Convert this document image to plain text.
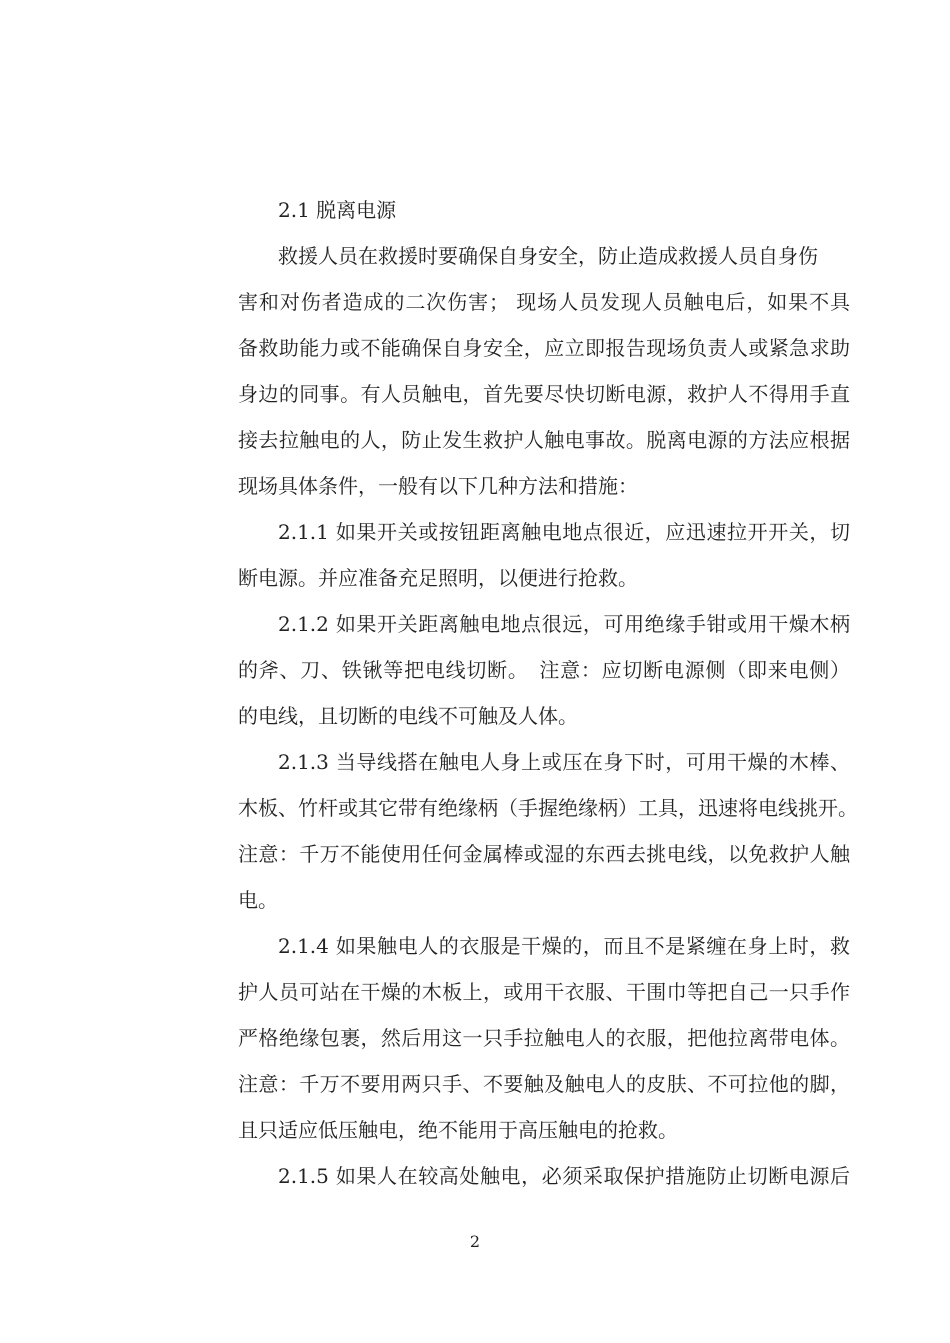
2.1 脱离电源
救援人员在救援时要确保自身安全，防止造成救援人员自身伤
害和对伤者造成的二次伤害； 现场人员发现人员触电后，如果不具
备救助能力或不能确保自身安全，应立即报告现场负责人或紧急求助
身边的同事。有人员触电，首先要尽快切断电源，救护人不得用手直
接去拉触电的人，防止发生救护人触电事故。脱离电源的方法应根据
现场具体条件，一般有以下几种方法和措施：
2.1.1 如果开关或按钮距离触电地点很近，应迅速拉开开关，切
断电源。并应准备充足照明，以便进行抢救。
2.1.2 如果开关距离触电地点很远，可用绝缘手钳或用干燥木柄
的斧、刀、铁锹等把电线切断。　注意：应切断电源侧（即来电侧）
的电线，且切断的电线不可触及人体。
2.1.3 当导线搭在触电人身上或压在身下时，可用干燥的木棒、
木板、竹杆或其它带有绝缘柄（手握绝缘柄）工具，迅速将电线挑开。
注意：千万不能使用任何金属棒或湿的东西去挑电线，以免救护人触
电。
2.1.4 如果触电人的衣服是干燥的，而且不是紧缠在身上时，救
护人员可站在干燥的木板上，或用干衣服、干围巾等把自己一只手作
严格绝缘包裹，然后用这一只手拉触电人的衣服，把他拉离带电体。
注意：千万不要用两只手、不要触及触电人的皮肤、不可拉他的脚，
且只适应低压触电，绝不能用于高压触电的抢救。
2.1.5 如果人在较高处触电，必须采取保护措施防止切断电源后
2
